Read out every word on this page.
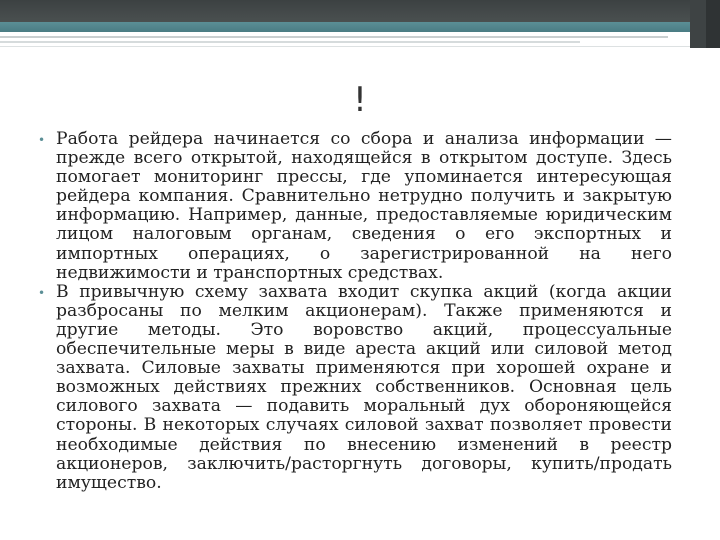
!
• Работа рейдера начинается со сбора и анализа информации — прежде всего открытой, находящейся в открытом доступе. Здесь помогает мониторинг прессы, где упоминается интересующая рейдера компания. Сравнительно нетрудно получить и закрытую информацию. Например, данные, предоставляемые юридическим лицом налоговым органам, сведения о его экспортных и импортных операциях, о зарегистрированной на него недвижимости и транспортных средствах.
• В привычную схему захвата входит скупка акций (когда акции разбросаны по мелким акционерам). Также применяются и другие методы. Это воровство акций, процессуальные обеспечительные меры в виде ареста акций или силовой метод захвата. Силовые захваты применяются при хорошей охране и возможных действиях прежних собственников. Основная цель силового захвата — подавить моральный дух обороняющейся стороны. В некоторых случаях силовой захват позволяет провести необходимые действия по внесению изменений в реестр акционеров, заключить/расторгнуть договоры, купить/продать имущество.
